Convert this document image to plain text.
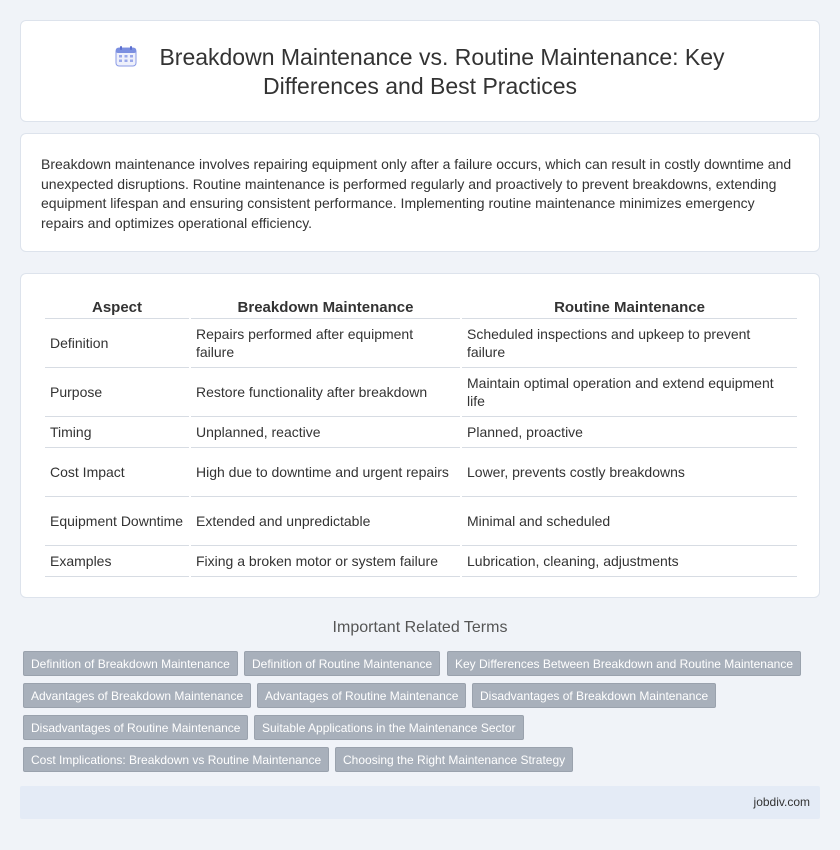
Breakdown Maintenance vs. Routine Maintenance: Key
Differences and Best Practices

Breakdown maintenance involves repairing equipment only after a failure occurs, which can result in costly downtime and unexpected disruptions. Routine maintenance is performed regularly and proactively to prevent breakdowns, extending equipment lifespan and ensuring consistent performance. Implementing routine maintenance minimizes emergency repairs and optimizes operational efficiency.

Aspect	Breakdown Maintenance	Routine Maintenance
Definition	Repairs performed after equipment failure	Scheduled inspections and upkeep to prevent failure
Purpose	Restore functionality after breakdown	Maintain optimal operation and extend equipment life
Timing	Unplanned, reactive	Planned, proactive
Cost Impact	High due to downtime and urgent repairs	Lower, prevents costly breakdowns
Equipment Downtime	Extended and unpredictable	Minimal and scheduled
Examples	Fixing a broken motor or system failure	Lubrication, cleaning, adjustments
Important Related Terms
Definition of Breakdown Maintenance	Definition of Routine Maintenance	Key Differences Between Breakdown and Routine Maintenance
Advantages of Breakdown Maintenance	Advantages of Routine Maintenance	Disadvantages of Breakdown Maintenance
Disadvantages of Routine Maintenance	Suitable Applications in the Maintenance Sector
Cost Implications: Breakdown vs Routine Maintenance	Choosing the Right Maintenance Strategy
jobdiv.com
